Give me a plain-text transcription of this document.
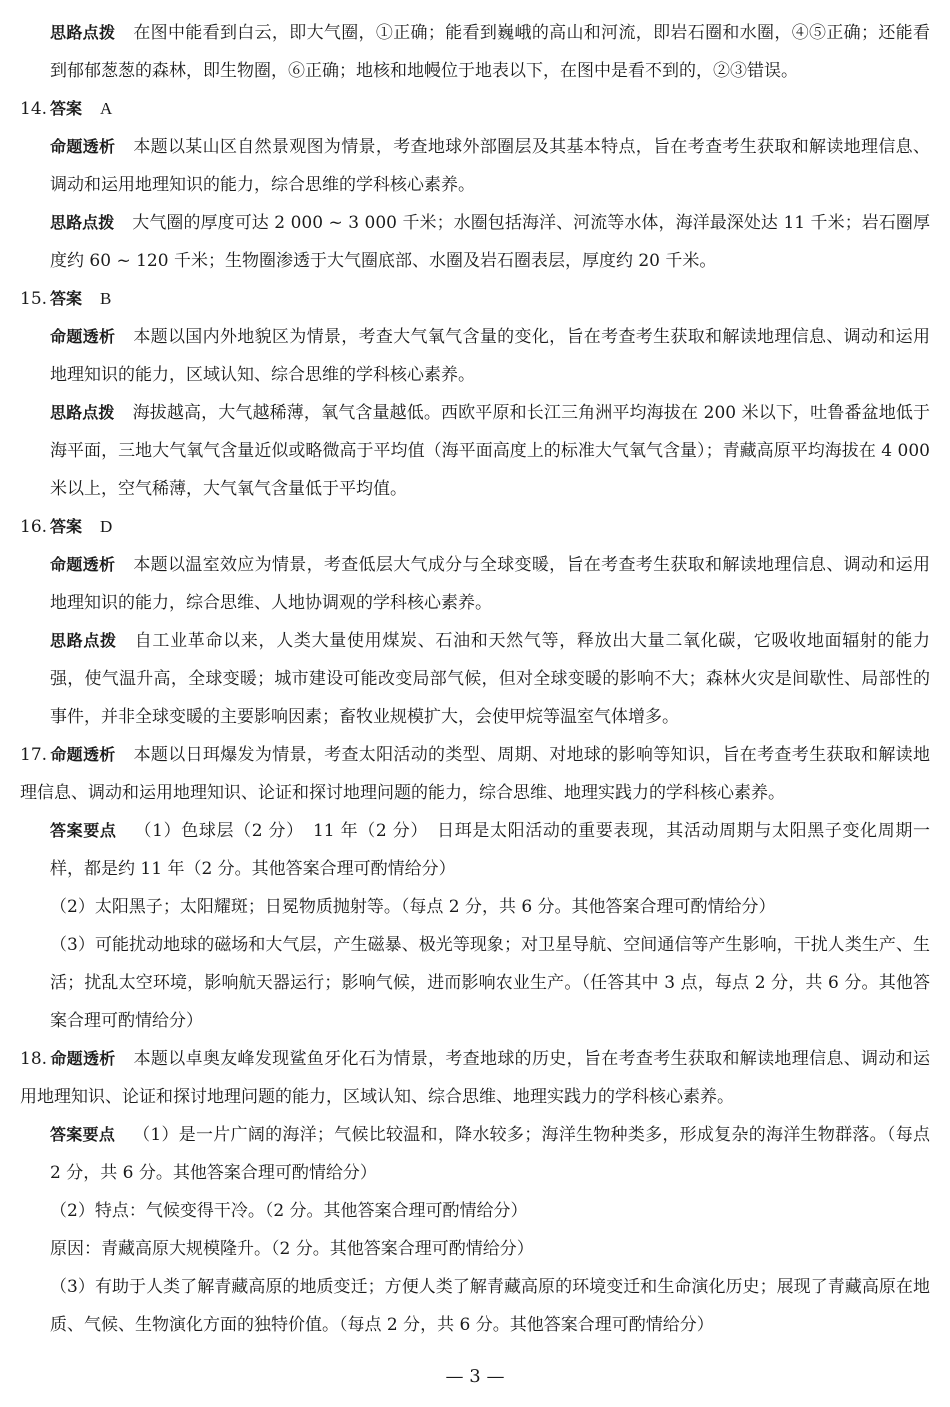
思路点拨 在图中能看到白云，即大气圈，①正确；能看到巍峨的高山和河流，即岩石圈和水圈，④⑤正确；还能看到郁郁葱葱的森林，即生物圈，⑥正确；地核和地幔位于地表以下，在图中是看不到的，②③错误。

14. 答案 A

命题透析 本题以某山区自然景观图为情景，考查地球外部圈层及其基本特点，旨在考查考生获取和解读地理信息、调动和运用地理知识的能力，综合思维的学科核心素养。

思路点拨 大气圈的厚度可达 2 000 ~ 3 000 千米；水圈包括海洋、河流等水体，海洋最深处达 11 千米；岩石圈厚度约 60 ~ 120 千米；生物圈渗透于大气圈底部、水圈及岩石圈表层，厚度约 20 千米。

15. 答案 B

命题透析 本题以国内外地貌区为情景，考查大气氧气含量的变化，旨在考查考生获取和解读地理信息、调动和运用地理知识的能力，区域认知、综合思维的学科核心素养。

思路点拨 海拔越高，大气越稀薄，氧气含量越低。西欧平原和长江三角洲平均海拔在 200 米以下，吐鲁番盆地低于海平面，三地大气氧气含量近似或略微高于平均值（海平面高度上的标准大气氧气含量）；青藏高原平均海拔在 4 000 米以上，空气稀薄，大气氧气含量低于平均值。

16. 答案 D

命题透析 本题以温室效应为情景，考查低层大气成分与全球变暖，旨在考查考生获取和解读地理信息、调动和运用地理知识的能力，综合思维、人地协调观的学科核心素养。

思路点拨 自工业革命以来，人类大量使用煤炭、石油和天然气等，释放出大量二氧化碳，它吸收地面辐射的能力强，使气温升高，全球变暖；城市建设可能改变局部气候，但对全球变暖的影响不大；森林火灾是间歇性、局部性的事件，并非全球变暖的主要影响因素；畜牧业规模扩大，会使甲烷等温室气体增多。

17. 命题透析 本题以日珥爆发为情景，考查太阳活动的类型、周期、对地球的影响等知识，旨在考查考生获取和解读地理信息、调动和运用地理知识、论证和探讨地理问题的能力，综合思维、地理实践力的学科核心素养。

答案要点 （1）色球层（2 分）　11 年（2 分）　日珥是太阳活动的重要表现，其活动周期与太阳黑子变化周期一样，都是约 11 年（2 分。其他答案合理可酌情给分）

（2）太阳黑子；太阳耀斑；日冕物质抛射等。（每点 2 分，共 6 分。其他答案合理可酌情给分）

（3）可能扰动地球的磁场和大气层，产生磁暴、极光等现象；对卫星导航、空间通信等产生影响，干扰人类生产、生活；扰乱太空环境，影响航天器运行；影响气候，进而影响农业生产。（任答其中 3 点，每点 2 分，共 6 分。其他答案合理可酌情给分）

18. 命题透析 本题以卓奥友峰发现鲨鱼牙化石为情景，考查地球的历史，旨在考查考生获取和解读地理信息、调动和运用地理知识、论证和探讨地理问题的能力，区域认知、综合思维、地理实践力的学科核心素养。

答案要点 （1）是一片广阔的海洋；气候比较温和，降水较多；海洋生物种类多，形成复杂的海洋生物群落。（每点 2 分，共 6 分。其他答案合理可酌情给分）

（2）特点：气候变得干冷。（2 分。其他答案合理可酌情给分）

原因：青藏高原大规模隆升。（2 分。其他答案合理可酌情给分）

（3）有助于人类了解青藏高原的地质变迁；方便人类了解青藏高原的环境变迁和生命演化历史；展现了青藏高原在地质、气候、生物演化方面的独特价值。（每点 2 分，共 6 分。其他答案合理可酌情给分）

— 3 —
